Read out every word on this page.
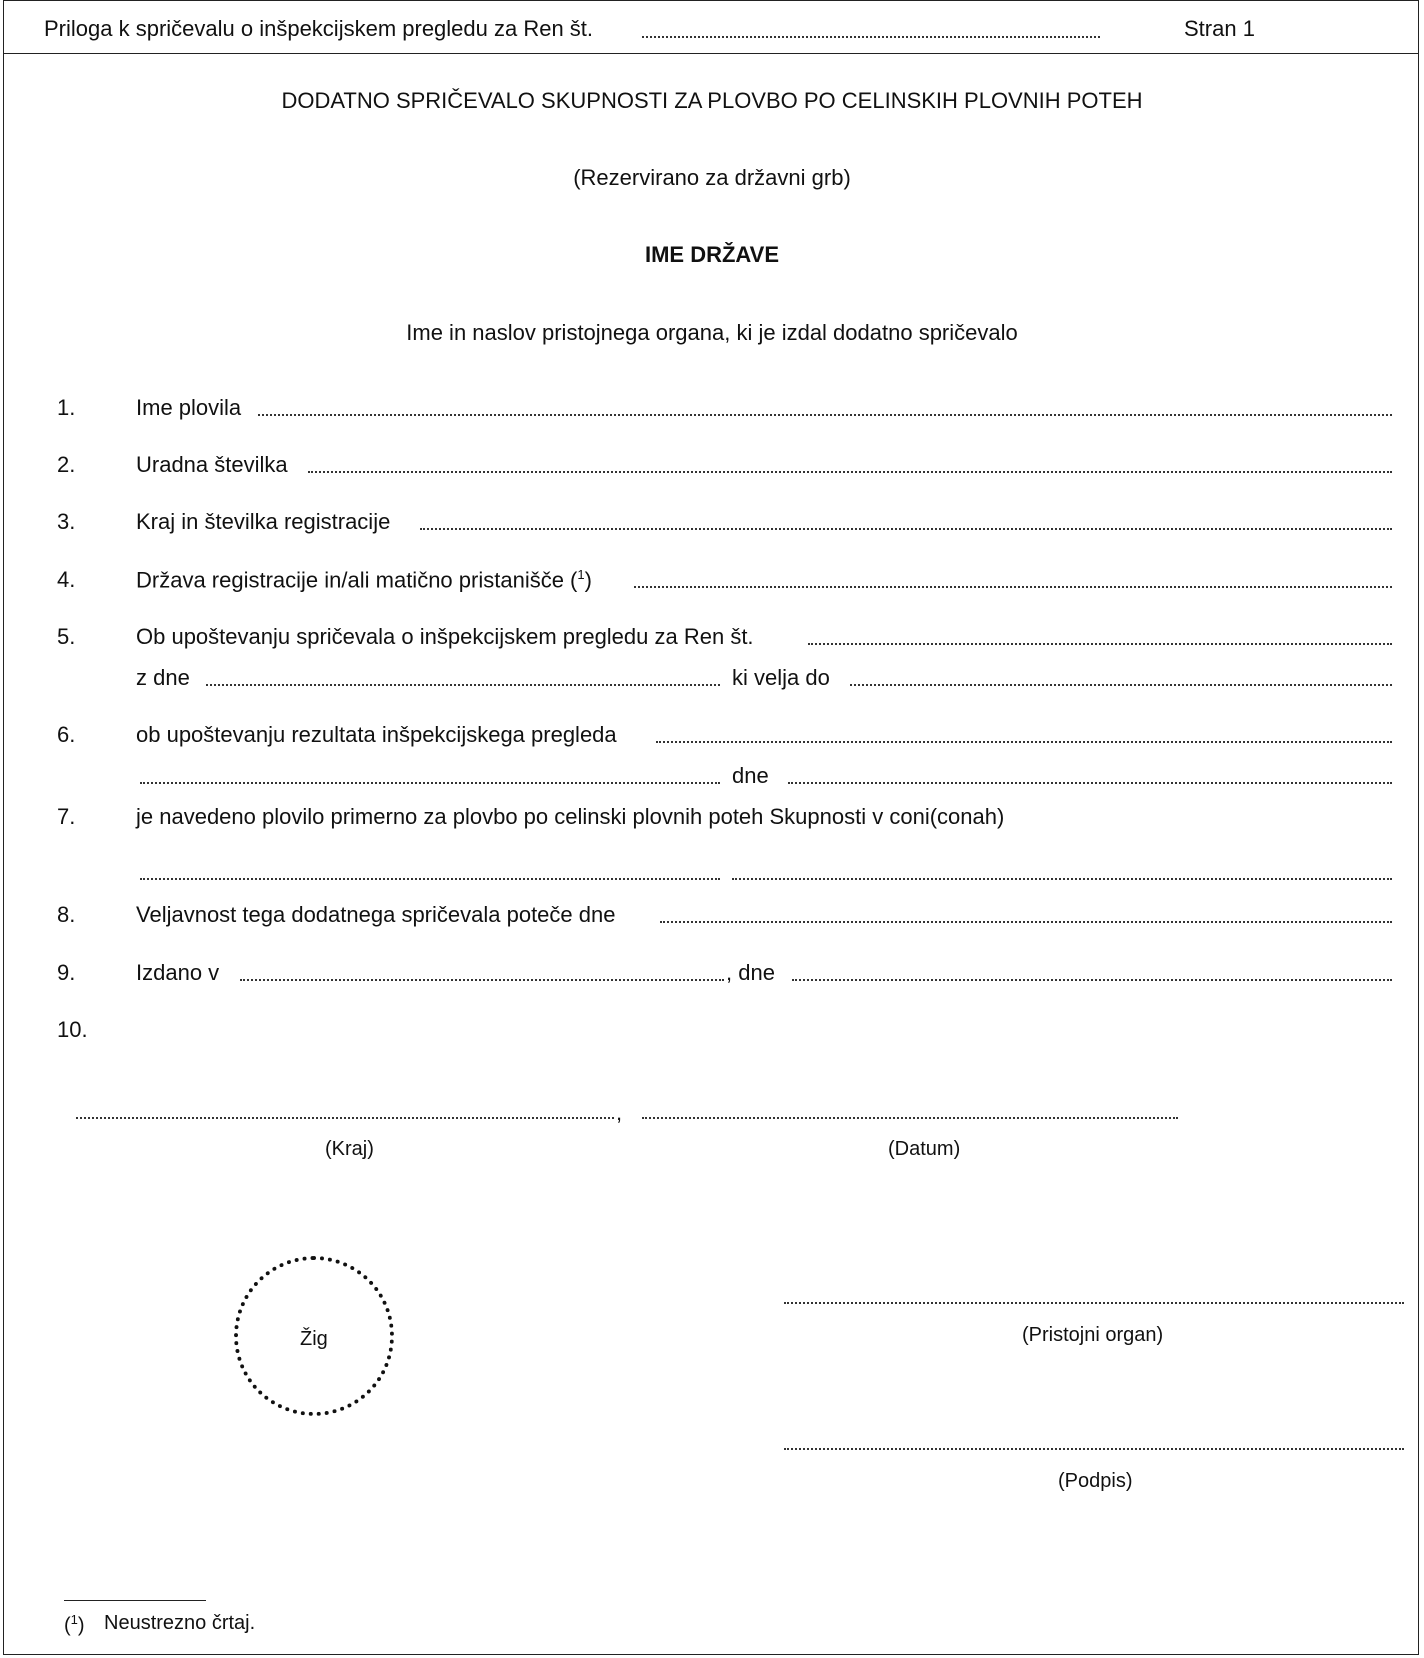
Priloga k spričevalu o inšpekcijskem pregledu za Ren št.	Stran 1
DODATNO SPRIČEVALO SKUPNOSTI ZA PLOVBO PO CELINSKIH PLOVNIH POTEH
(Rezervirano za državni grb)
IME DRŽAVE
Ime in naslov pristojnega organa, ki je izdal dodatno spričevalo
1.	Ime plovila
2.	Uradna številka
3.	Kraj in številka registracije
4.	Država registracije in/ali matično pristanišče ($^1$)
5.	Ob upoštevanju spričevala o inšpekcijskem pregledu za Ren št.
z dne	ki velja do
6.	ob upoštevanju rezultata inšpekcijskega pregleda
dne
7.	je navedeno plovilo primerno za plovbo po celinski plovnih poteh Skupnosti v coni(conah)
8.	Veljavnost tega dodatnega spričevala poteče dne
9.	Izdano v	, dne
10.
,
(Kraj)	(Datum)
Žig	(Pristojni organ)
(Podpis)
($^1$) Neustrezno črtaj.
